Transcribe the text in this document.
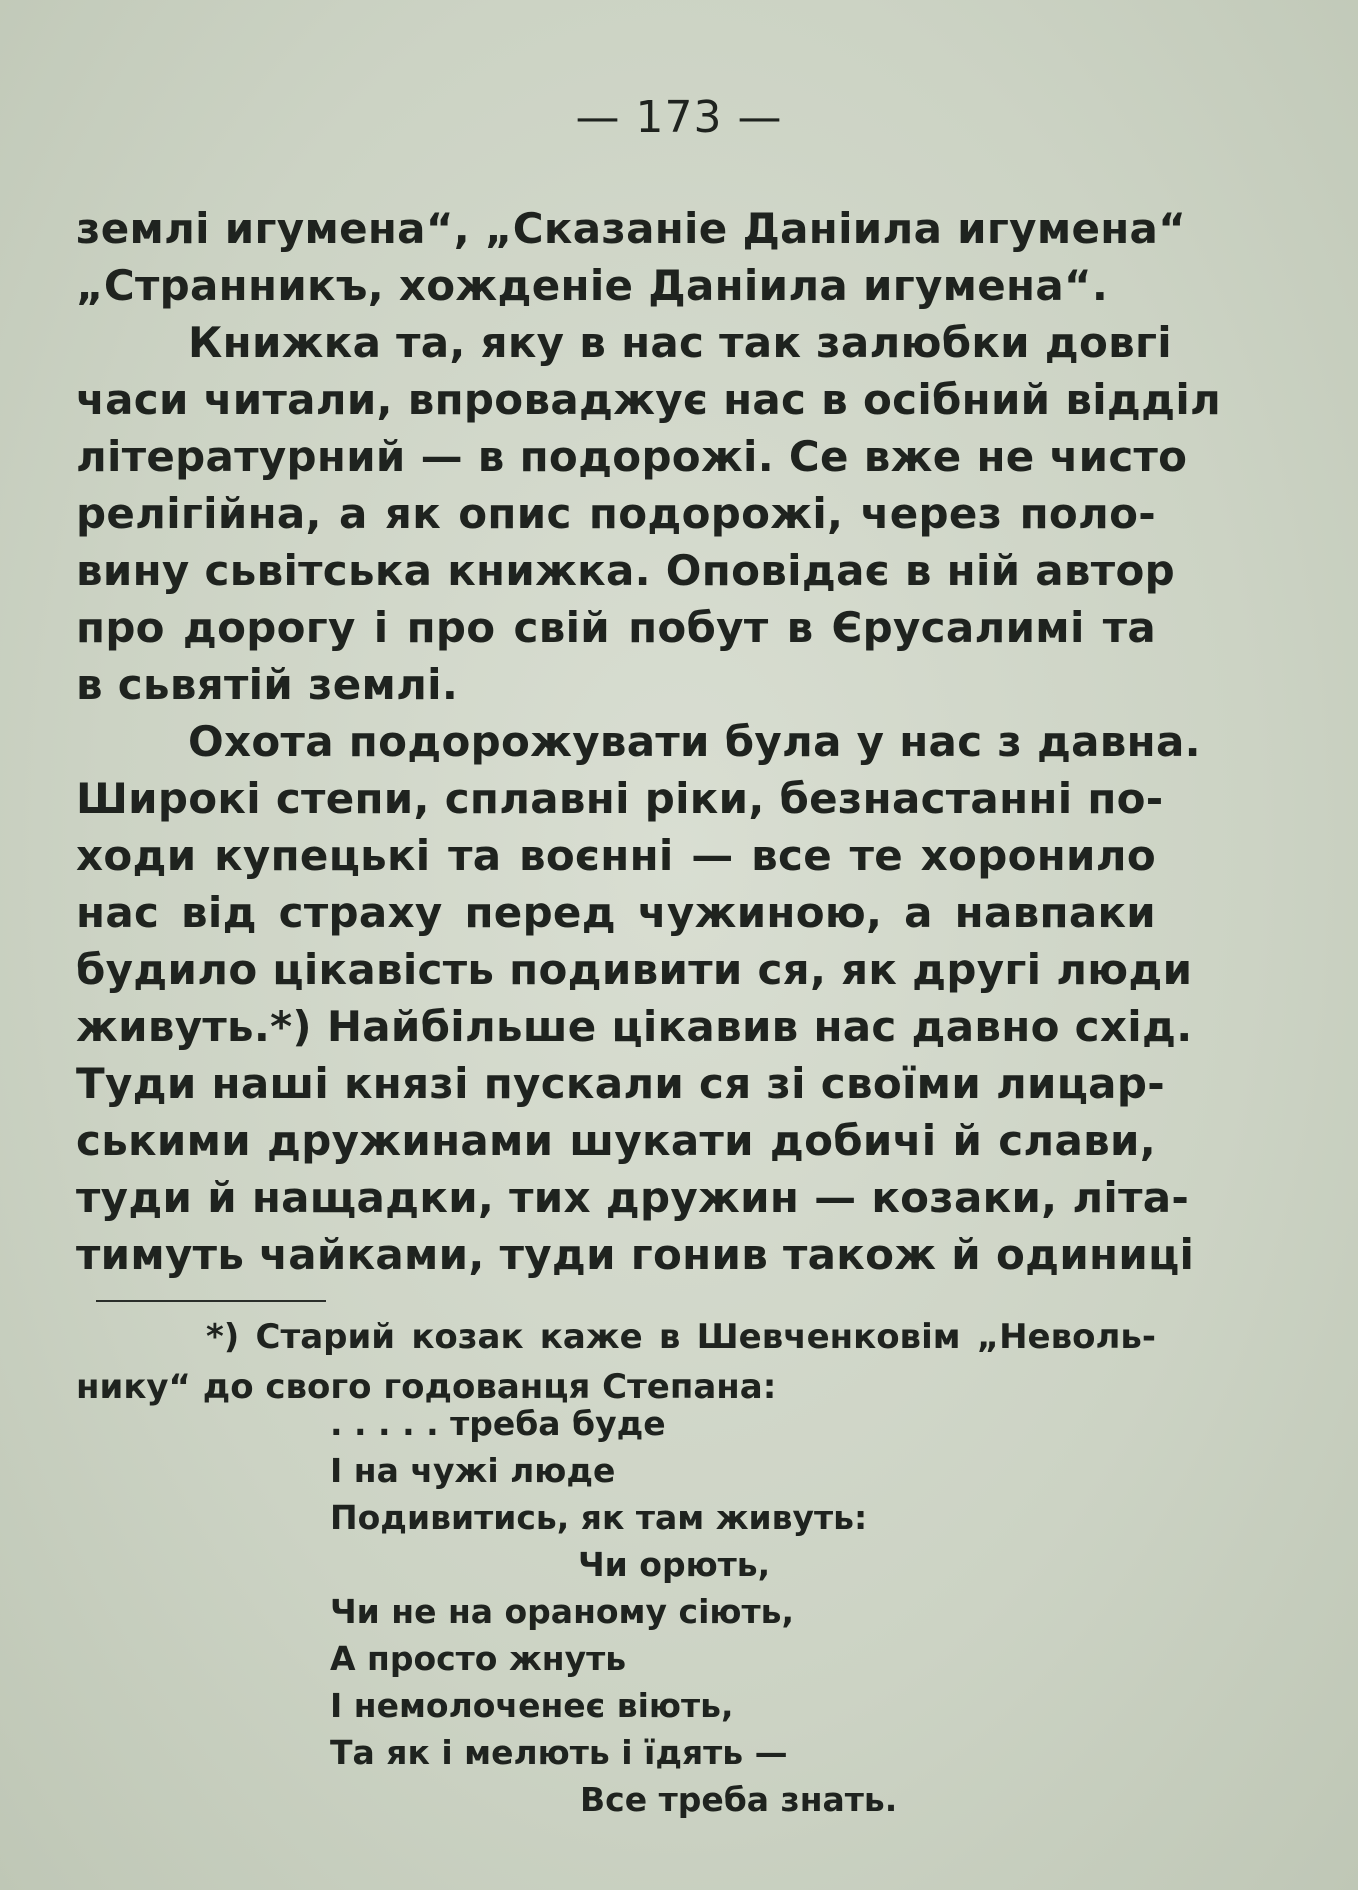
— 173 —
землі игумена“, „Сказаніе Даніила игумена“
„Странникъ, хожденіе Даніила игумена“.
Книжка та, яку в нас так залюбки довгі
часи читали, впроваджує нас в осібний відділ
літературний — в подорожі. Се вже не чисто
релігійна, а як опис подорожі, через поло-
вину сьвітська книжка. Оповідає в ній автор
про дорогу і про свій побут в Єрусалимі та
в сьвятій землі.
Охота подорожувати була у нас з давна.
Широкі степи, сплавні ріки, безнастанні по-
ходи купецькі та воєнні — все те хоронило
нас від страху перед чужиною, а навпаки
будило цікавість подивити ся, як другі люди
живуть.*) Найбільше цікавив нас давно схід.
Туди наші князі пускали ся зі своїми лицар-
ськими дружинами шукати добичі й слави,
туди й нащадки, тих дружин — козаки, літа-
тимуть чайками, туди гонив також й одиниці
*) Старий козак каже в Шевченковім „Неволь-
нику“ до свого годованця Степана:
. . . . . треба буде
І на чужі люде
Подивитись, як там живуть:
Чи орють,
Чи не на ораному сіють,
А просто жнуть
І немолоченеє віють,
Та як і мелють і їдять —
Все треба знать.
